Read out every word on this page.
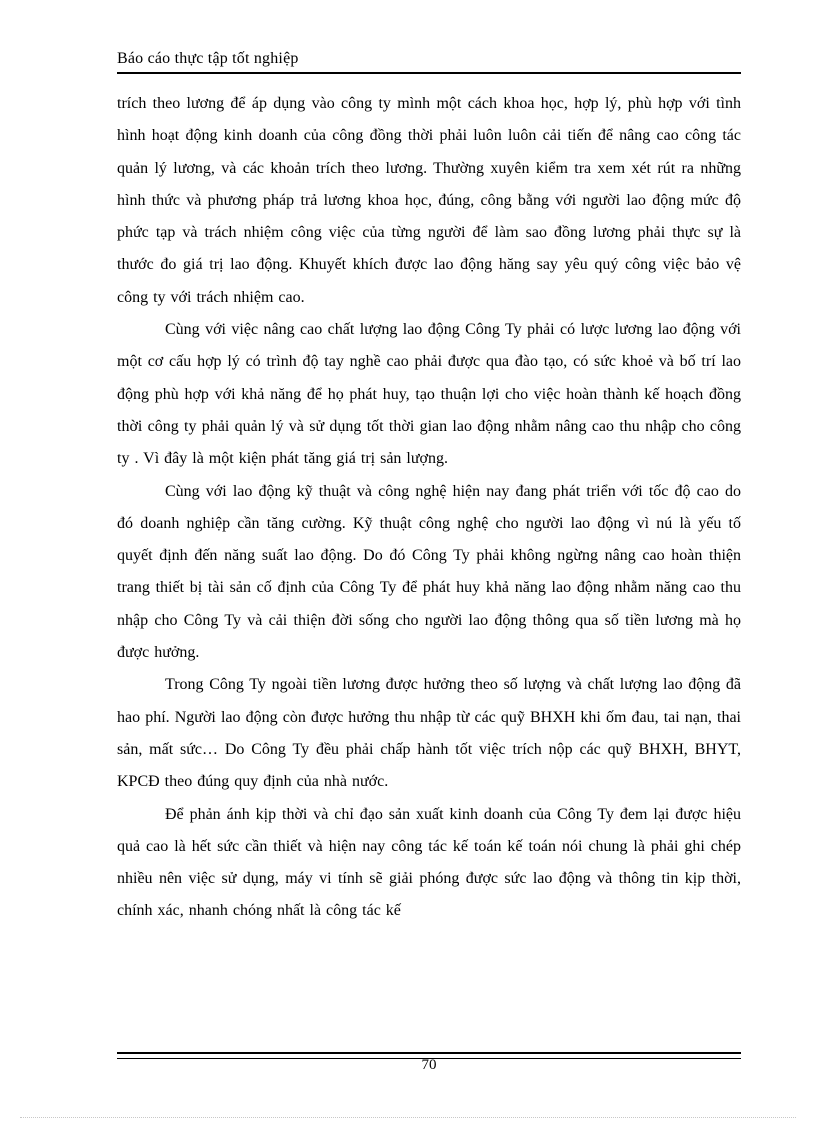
Báo cáo thực tập tốt nghiệp

trích theo lương để áp dụng vào công ty mình một cách khoa học, hợp lý, phù hợp với tình hình hoạt động kinh doanh của công đồng thời phải luôn luôn cải tiến để nâng cao công tác quản lý lương, và các khoản trích theo lương. Thường xuyên kiểm tra xem xét rút ra những hình thức và phương pháp trả lương khoa học, đúng, công bằng với người lao động mức độ phức tạp và trách nhiệm công việc của từng người để làm sao đồng lương phải thực sự là thước đo giá trị lao động. Khuyết khích được lao động hăng say yêu quý công việc bảo vệ công ty với trách nhiệm cao.

Cùng với việc nâng cao chất lượng lao động Công Ty phải có lược lương lao động với một cơ cấu hợp lý có trình độ tay nghề cao phải được qua đào tạo, có sức khoẻ và bố trí lao động phù hợp với khả năng để họ phát huy, tạo thuận lợi cho việc hoàn thành kế hoạch đồng thời công ty phải quản lý và sử dụng tốt thời gian lao động nhằm nâng cao thu nhập cho công ty . Vì đây là một kiện phát tăng giá trị sản lượng.

Cùng với lao động kỹ thuật và công nghệ hiện nay đang phát triển với tốc độ cao do đó doanh nghiệp cần tăng cường. Kỹ thuật công nghệ cho người lao động vì nú là yếu tố quyết định đến năng suất lao động. Do đó Công Ty phải không ngừng nâng cao hoàn thiện trang thiết bị tài sản cố định của Công Ty để phát huy khả năng lao động nhằm năng cao thu nhập cho Công Ty và cải thiện đời sống cho người lao động thông qua số tiền lương mà họ được hưởng.

Trong Công Ty ngoài tiền lương được hưởng theo số lượng và chất lượng lao động đã hao phí. Người lao động còn được hưởng thu nhập từ các quỹ BHXH khi ốm đau, tai nạn, thai sản, mất sức… Do Công Ty đều phải chấp hành tốt việc trích nộp các quỹ BHXH, BHYT, KPCĐ theo đúng quy định của nhà nước.

Để phản ánh kịp thời và chỉ đạo sản xuất kinh doanh của Công Ty đem lại được hiệu quả cao là hết sức cần thiết và hiện nay công tác kế toán kế toán nói chung là phải ghi chép nhiều nên việc sử dụng, máy vi tính sẽ giải phóng được sức lao động và thông tin kịp thời, chính xác, nhanh chóng nhất là công tác kế

70
